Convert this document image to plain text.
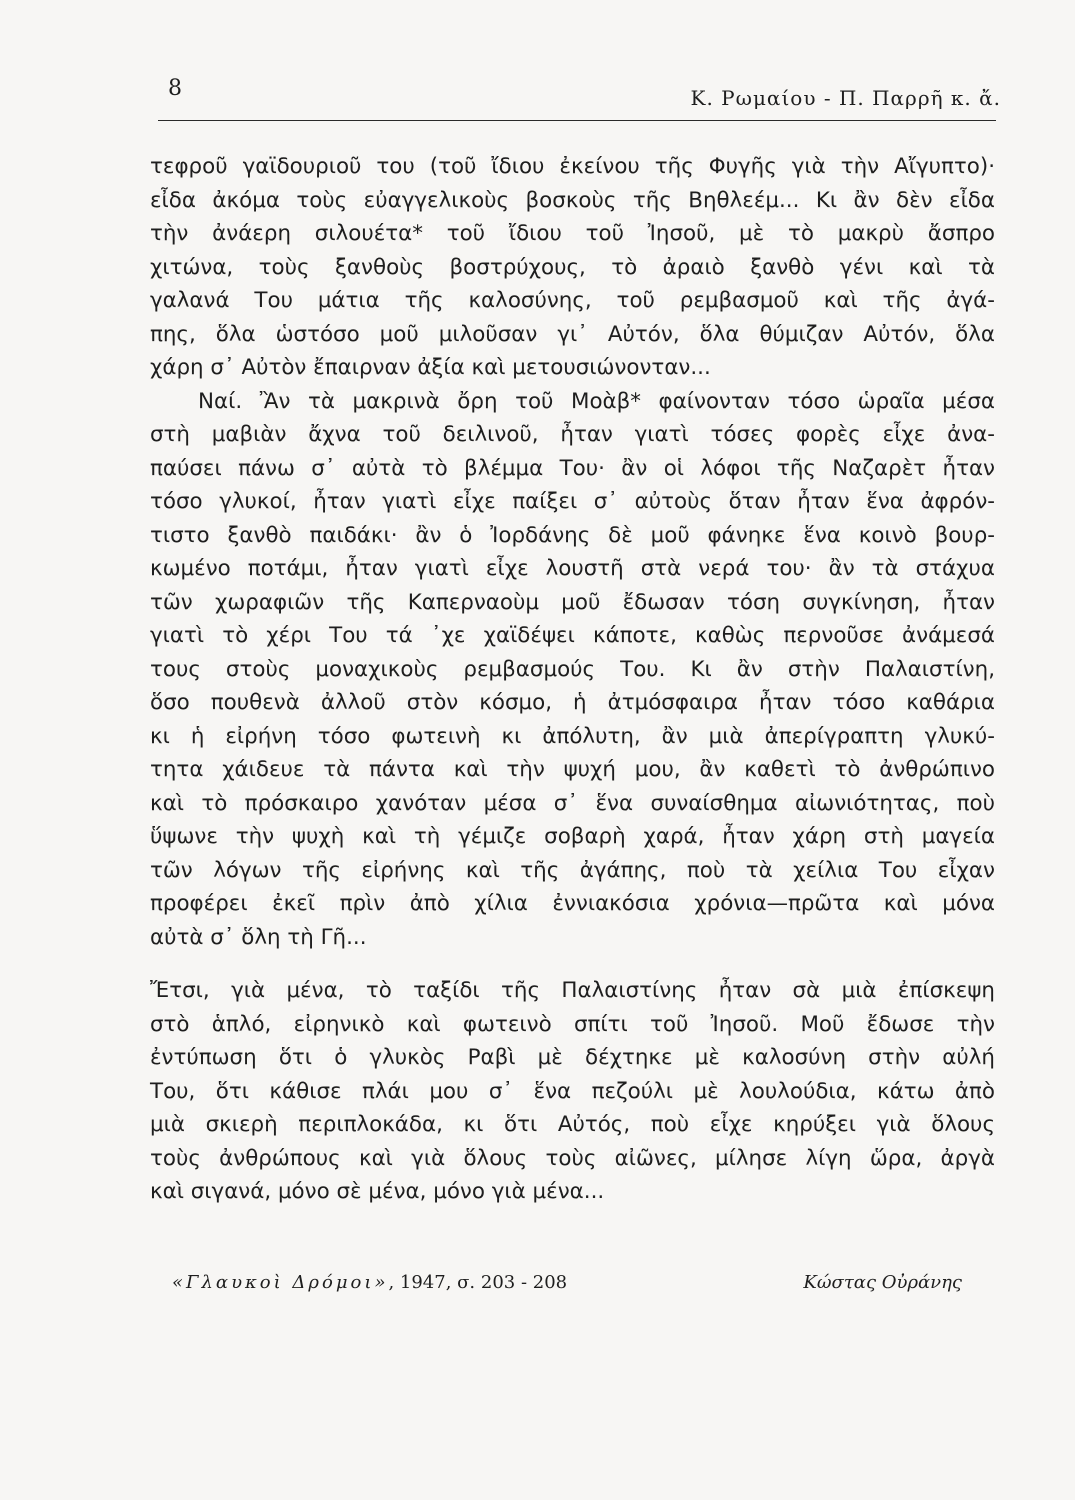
8	Κ. Ρωμαίου - Π. Παρρῆ κ. ἄ.
τεφροῦ γαϊδουριοῦ του (τοῦ ἴδιου ἐκείνου τῆς Φυγῆς γιὰ τὴν Αἴγυπτο)·
εἶδα ἀκόμα τοὺς εὐαγγελικοὺς βοσκοὺς τῆς Βηθλεέμ... Κι ἂν δὲν εἶδα
τὴν ἀνάερη σιλουέτα* τοῦ ἴδιου τοῦ Ἰησοῦ, μὲ τὸ μακρὺ ἄσπρο
χιτώνα, τοὺς ξανθοὺς βοστρύχους, τὸ ἀραιὸ ξανθὸ γένι καὶ τὰ
γαλανά Του μάτια τῆς καλοσύνης, τοῦ ρεμβασμοῦ καὶ τῆς ἀγά-
πης, ὅλα ὡστόσο μοῦ μιλοῦσαν γι᾿ Αὐτόν, ὅλα θύμιζαν Αὐτόν, ὅλα
χάρη σ᾿ Αὐτὸν ἔπαιρναν ἀξία καὶ μετουσιώνονταν...
Ναί. Ἂν τὰ μακρινὰ ὄρη τοῦ Μοὰβ* φαίνονταν τόσο ὡραῖα μέσα
στὴ μαβιὰν ἄχνα τοῦ δειλινοῦ, ἦταν γιατὶ τόσες φορὲς εἶχε ἀνα-
παύσει πάνω σ᾿ αὐτὰ τὸ βλέμμα Του· ἂν οἱ λόφοι τῆς Ναζαρὲτ ἦταν
τόσο γλυκοί, ἦταν γιατὶ εἶχε παίξει σ᾿ αὐτοὺς ὅταν ἦταν ἕνα ἀφρόν-
τιστο ξανθὸ παιδάκι· ἂν ὁ Ἰορδάνης δὲ μοῦ φάνηκε ἕνα κοινὸ βουρ-
κωμένο ποτάμι, ἦταν γιατὶ εἶχε λουστῆ στὰ νερά του· ἂν τὰ στάχυα
τῶν χωραφιῶν τῆς Καπερναοὺμ μοῦ ἔδωσαν τόση συγκίνηση, ἦταν
γιατὶ τὸ χέρι Του τά ᾿χε χαϊδέψει κάποτε, καθὼς περνοῦσε ἀνάμεσά
τους στοὺς μοναχικοὺς ρεμβασμούς Του. Κι ἂν στὴν Παλαιστίνη,
ὅσο πουθενὰ ἀλλοῦ στὸν κόσμο, ἡ ἀτμόσφαιρα ἦταν τόσο καθάρια
κι ἡ εἰρήνη τόσο φωτεινὴ κι ἀπόλυτη, ἂν μιὰ ἀπερίγραπτη γλυκύ-
τητα χάιδευε τὰ πάντα καὶ τὴν ψυχή μου, ἂν καθετὶ τὸ ἀνθρώπινο
καὶ τὸ πρόσκαιρο χανόταν μέσα σ᾿ ἕνα συναίσθημα αἰωνιότητας, ποὺ
ὕψωνε τὴν ψυχὴ καὶ τὴ γέμιζε σοβαρὴ χαρά, ἦταν χάρη στὴ μαγεία
τῶν λόγων τῆς εἰρήνης καὶ τῆς ἀγάπης, ποὺ τὰ χείλια Του εἶχαν
προφέρει ἐκεῖ πρὶν ἀπὸ χίλια ἐννιακόσια χρόνια—πρῶτα καὶ μόνα
αὐτὰ σ᾿ ὅλη τὴ Γῆ...
Ἔτσι, γιὰ μένα, τὸ ταξίδι τῆς Παλαιστίνης ἦταν σὰ μιὰ ἐπίσκεψη
στὸ ἁπλό, εἰρηνικὸ καὶ φωτεινὸ σπίτι τοῦ Ἰησοῦ. Μοῦ ἔδωσε τὴν
ἐντύπωση ὅτι ὁ γλυκὸς Ραβὶ μὲ δέχτηκε μὲ καλοσύνη στὴν αὐλή
Του, ὅτι κάθισε πλάι μου σ᾿ ἕνα πεζούλι μὲ λουλούδια, κάτω ἀπὸ
μιὰ σκιερὴ περιπλοκάδα, κι ὅτι Αὐτός, ποὺ εἶχε κηρύξει γιὰ ὅλους
τοὺς ἀνθρώπους καὶ γιὰ ὅλους τοὺς αἰῶνες, μίλησε λίγη ὥρα, ἀργὰ
καὶ σιγανά, μόνο σὲ μένα, μόνο γιὰ μένα...
«Γλαυκοὶ Δρόμοι», 1947, σ. 203 - 208	Κώστας Οὐράνης
